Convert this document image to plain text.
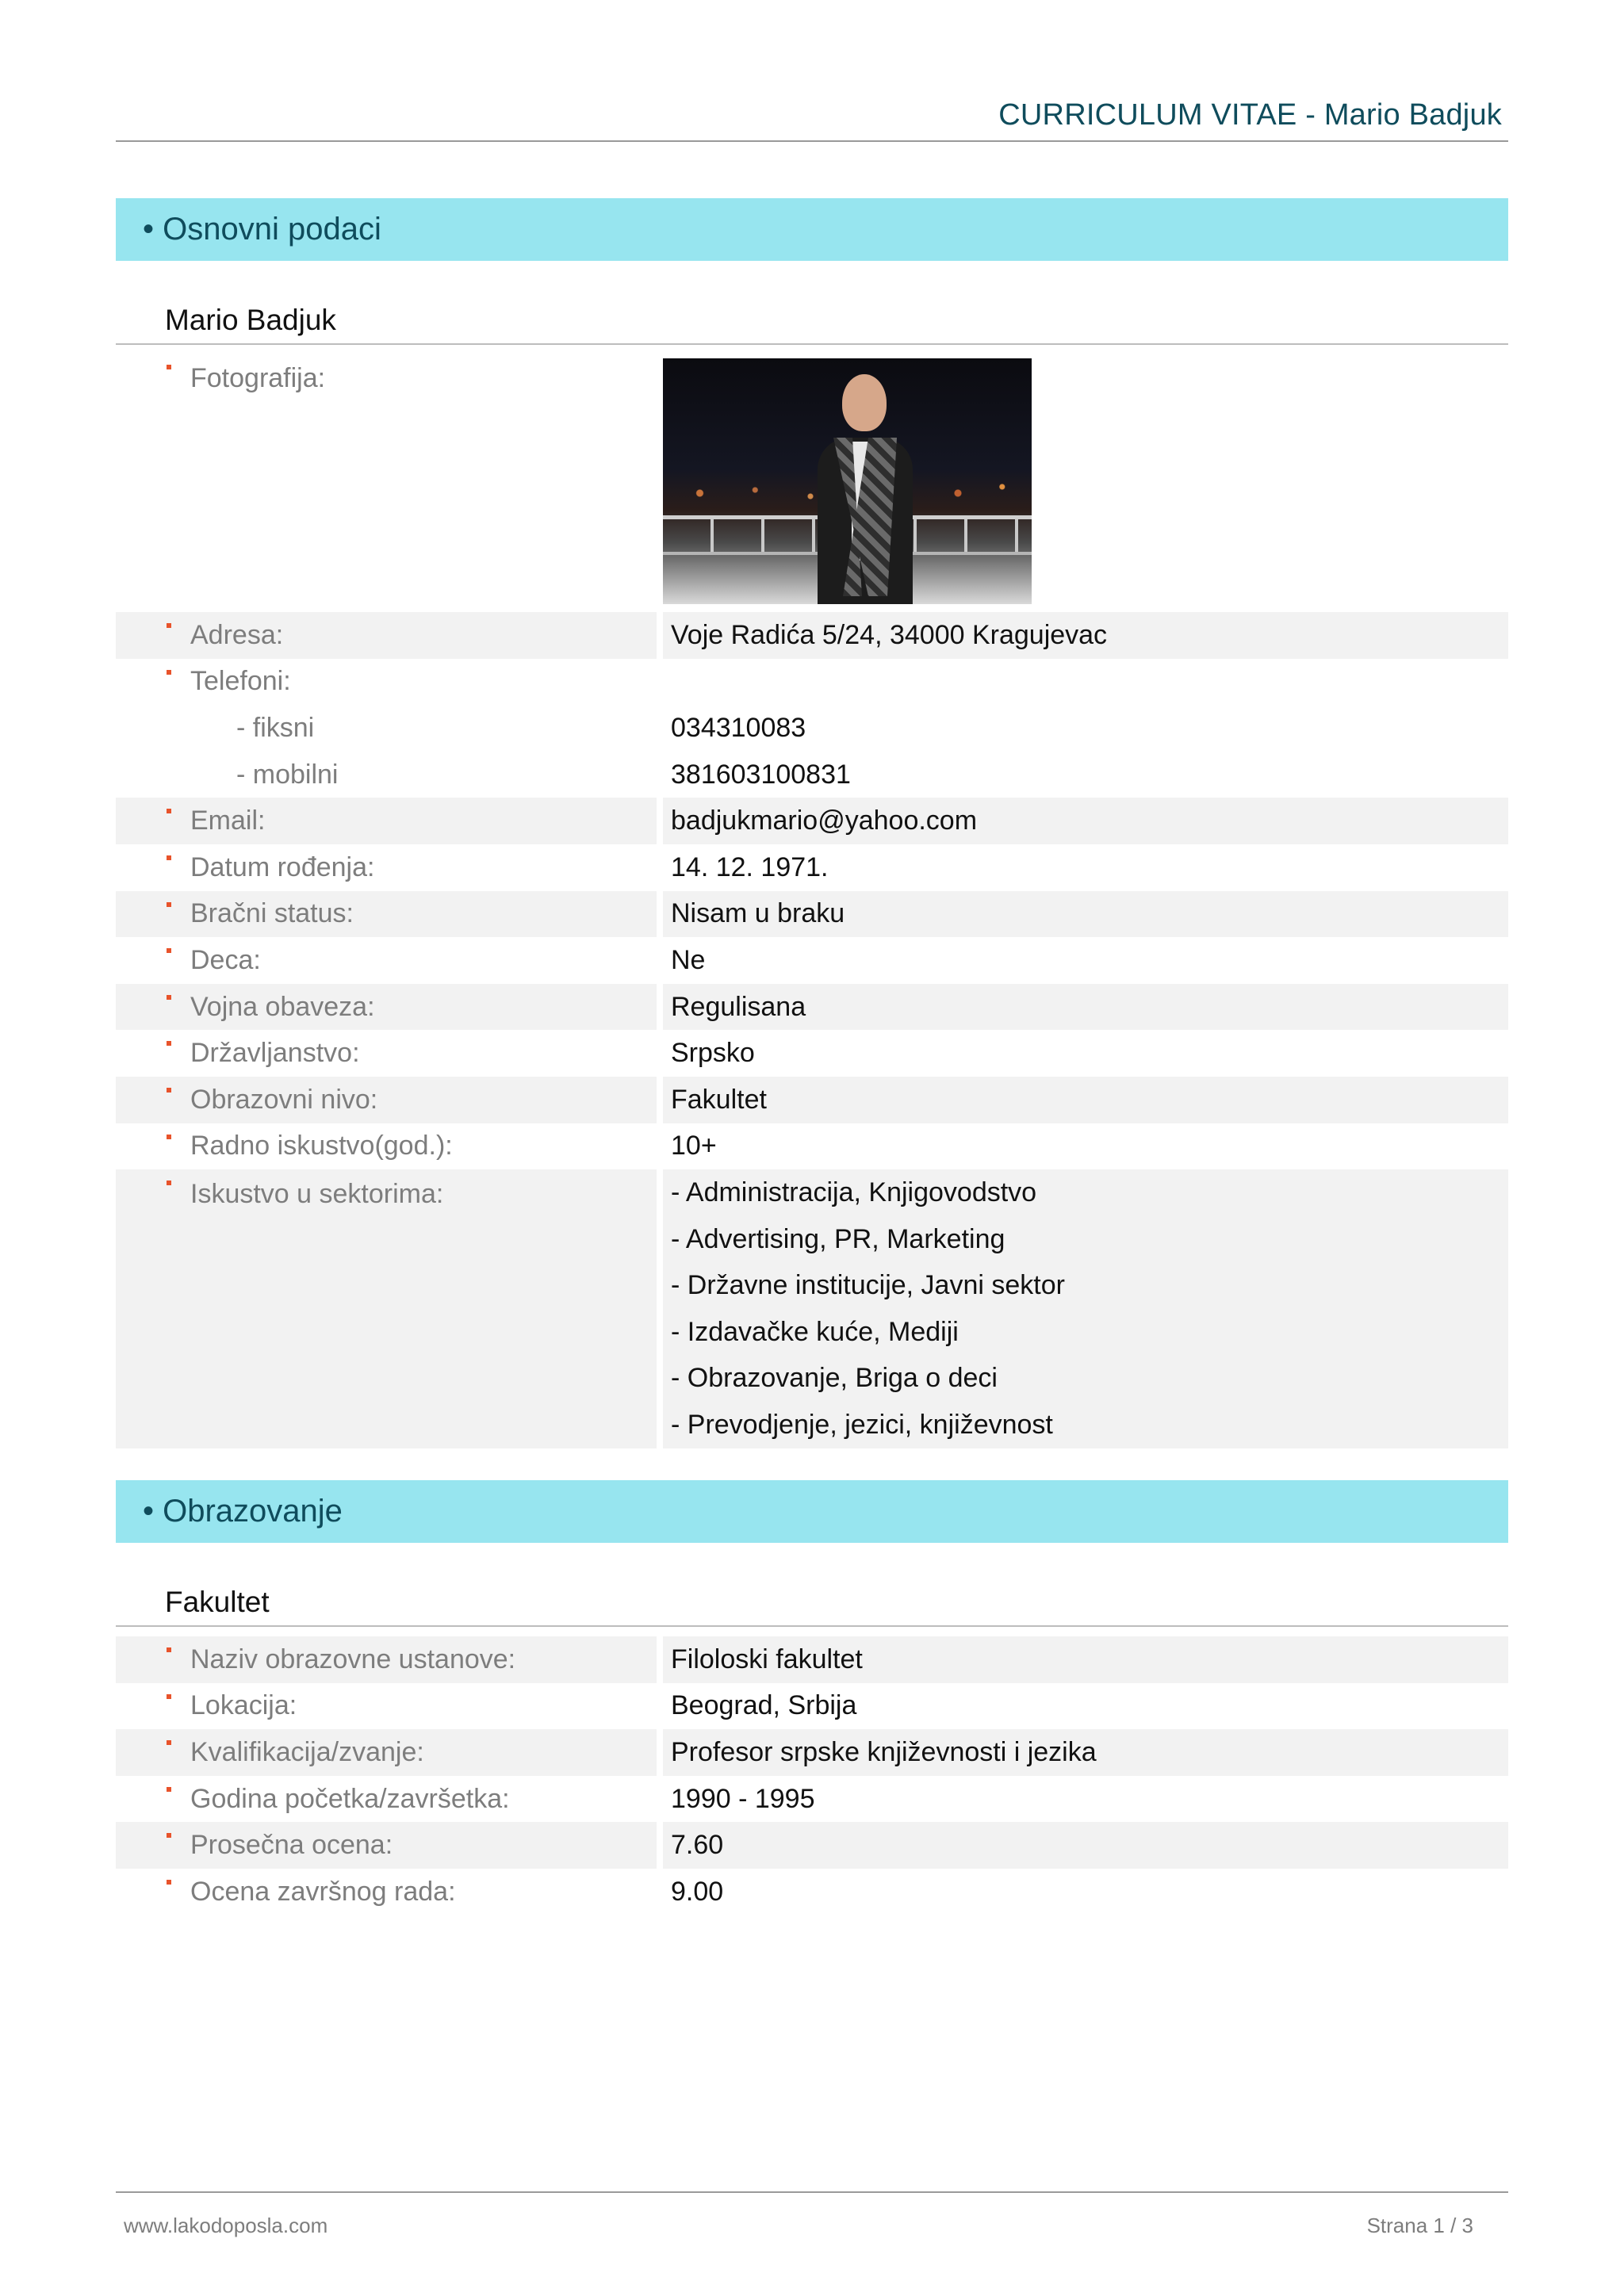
CURRICULUM VITAE - Mario Badjuk
• Osnovni podaci
Mario Badjuk
Fotografija:
Adresa:	Voje Radića 5/24, 34000 Kragujevac
Telefoni:
- fiksni	034310083
- mobilni	381603100831
Email:	badjukmario@yahoo.com
Datum rođenja:	14. 12. 1971.
Bračni status:	Nisam u braku
Deca:	Ne
Vojna obaveza:	Regulisana
Državljanstvo:	Srpsko
Obrazovni nivo:	Fakultet
Radno iskustvo(god.):	10+
Iskustvo u sektorima:	- Administracija, Knjigovodstvo
- Advertising, PR, Marketing
- Državne institucije, Javni sektor
- Izdavačke kuće, Mediji
- Obrazovanje, Briga o deci
- Prevodjenje, jezici, književnost
• Obrazovanje
Fakultet
Naziv obrazovne ustanove:	Filoloski fakultet
Lokacija:	Beograd, Srbija
Kvalifikacija/zvanje:	Profesor srpske književnosti i jezika
Godina početka/završetka:	1990 - 1995
Prosečna ocena:	7.60
Ocena završnog rada:	9.00
www.lakodoposla.com	Strana 1 / 3
